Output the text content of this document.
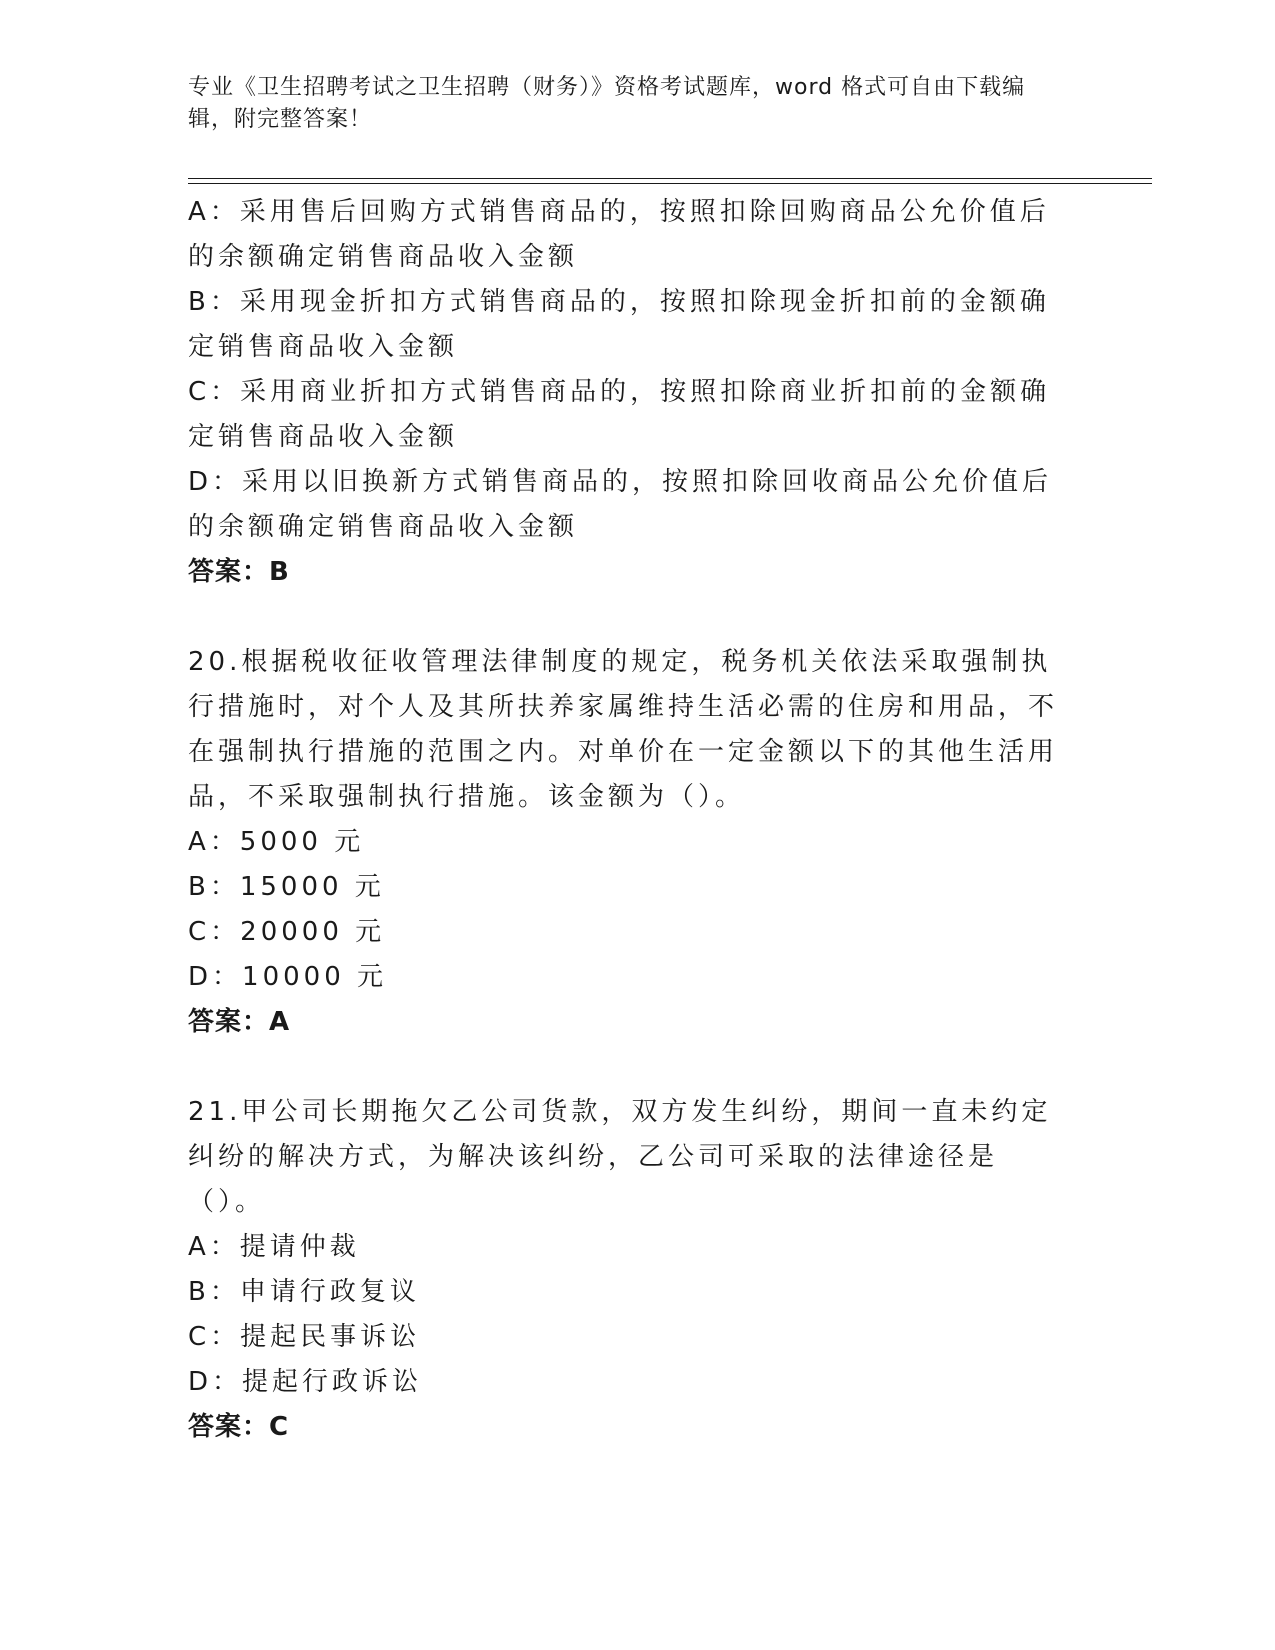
专业《卫生招聘考试之卫生招聘（财务）》资格考试题库，word 格式可自由下载编辑，附完整答案！

A：采用售后回购方式销售商品的，按照扣除回购商品公允价值后的余额确定销售商品收入金额

B：采用现金折扣方式销售商品的，按照扣除现金折扣前的金额确定销售商品收入金额

C：采用商业折扣方式销售商品的，按照扣除商业折扣前的金额确定销售商品收入金额

D：采用以旧换新方式销售商品的，按照扣除回收商品公允价值后的余额确定销售商品收入金额

答案：B

20.根据税收征收管理法律制度的规定，税务机关依法采取强制执行措施时，对个人及其所扶养家属维持生活必需的住房和用品，不在强制执行措施的范围之内。对单价在一定金额以下的其他生活用品，不采取强制执行措施。该金额为（）。

A：5000 元

B：15000 元

C：20000 元

D：10000 元

答案：A

21.甲公司长期拖欠乙公司货款，双方发生纠纷，期间一直未约定纠纷的解决方式，为解决该纠纷，乙公司可采取的法律途径是（）。

A：提请仲裁

B：申请行政复议

C：提起民事诉讼

D：提起行政诉讼

答案：C
